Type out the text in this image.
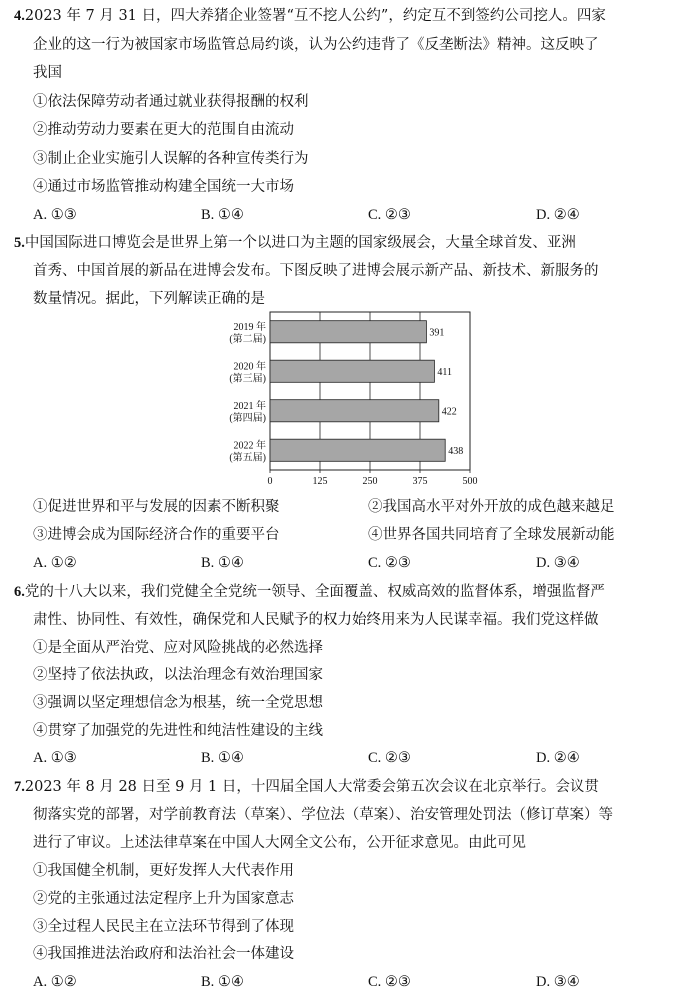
4.2023 年 7 月 31 日，四大养猪企业签署“互不挖人公约”，约定互不到签约公司挖人。四家
企业的这一行为被国家市场监管总局约谈，认为公约违背了《反垄断法》精神。这反映了
我国
①依法保障劳动者通过就业获得报酬的权利
②推动劳动力要素在更大的范围自由流动
③制止企业实施引人误解的各种宣传类行为
④通过市场监管推动构建全国统一大市场
A. ①③	B. ①④	C. ②③	D. ②④
5.中国国际进口博览会是世界上第一个以进口为主题的国家级展会，大量全球首发、亚洲
首秀、中国首展的新品在进博会发布。下图反映了进博会展示新产品、新技术、新服务的
数量情况。据此，下列解读正确的是
0	125	250	375	500
391
2019 年
(第二届)
411
2020 年
(第三届)
422
2021 年
(第四届)
438
2022 年
(第五届)
①促进世界和平与发展的因素不断积聚	②我国高水平对外开放的成色越来越足
③进博会成为国际经济合作的重要平台	④世界各国共同培育了全球发展新动能
A. ①②	B. ①④	C. ②③	D. ③④
6.党的十八大以来，我们党健全全党统一领导、全面覆盖、权威高效的监督体系，增强监督严
肃性、协同性、有效性，确保党和人民赋予的权力始终用来为人民谋幸福。我们党这样做
①是全面从严治党、应对风险挑战的必然选择
②坚持了依法执政，以法治理念有效治理国家
③强调以坚定理想信念为根基，统一全党思想
④贯穿了加强党的先进性和纯洁性建设的主线
A. ①③	B. ①④	C. ②③	D. ②④
7.2023 年 8 月 28 日至 9 月 1 日，十四届全国人大常委会第五次会议在北京举行。会议贯
彻落实党的部署，对学前教育法（草案）、学位法（草案）、治安管理处罚法（修订草案）等
进行了审议。上述法律草案在中国人大网全文公布，公开征求意见。由此可见
①我国健全机制，更好发挥人大代表作用
②党的主张通过法定程序上升为国家意志
③全过程人民民主在立法环节得到了体现
④我国推进法治政府和法治社会一体建设
A. ①②	B. ①④	C. ②③	D. ③④
